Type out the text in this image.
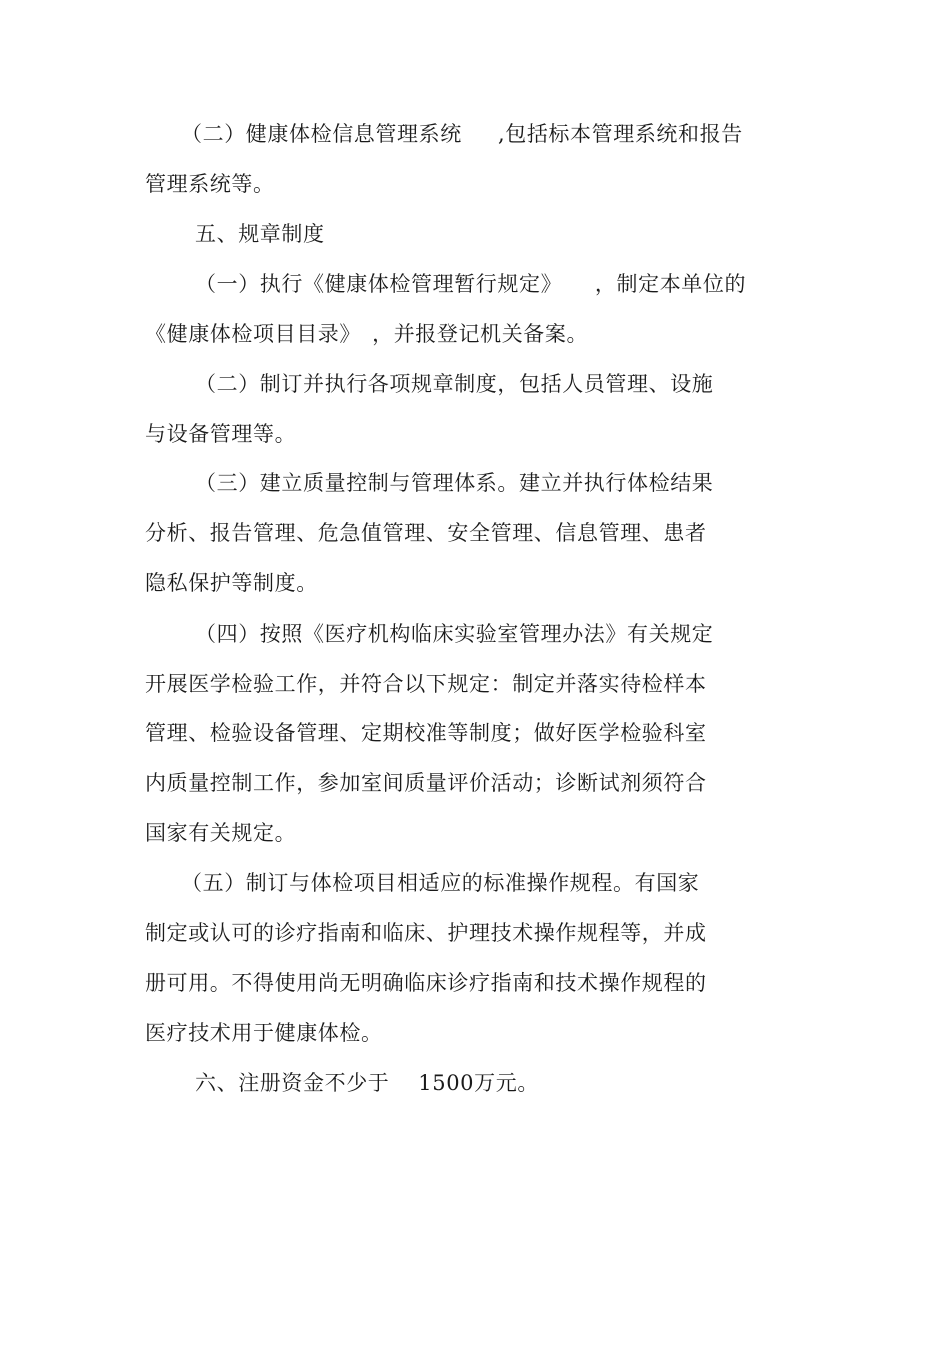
（二）健康体检信息管理系统　  ,包括标本管理系统和报告
管理系统等。
五、规章制度
（一）执行《健康体检管理暂行规定》　　，制定本单位的
《健康体检项目目录》　，并报登记机关备案。
（二）制订并执行各项规章制度，包括人员管理、设施
与设备管理等。
（三）建立质量控制与管理体系。建立并执行体检结果
分析、报告管理、危急值管理、安全管理、信息管理、患者
隐私保护等制度。
（四）按照《医疗机构临床实验室管理办法》有关规定
开展医学检验工作，并符合以下规定：制定并落实待检样本
管理、检验设备管理、定期校准等制度；做好医学检验科室
内质量控制工作，参加室间质量评价活动；诊断试剂须符合
国家有关规定。
（五）制订与体检项目相适应的标准操作规程。有国家
制定或认可的诊疗指南和临床、护理技术操作规程等，并成
册可用。不得使用尚无明确临床诊疗指南和技术操作规程的
医疗技术用于健康体检。
六、注册资金不少于　 1500万元。
